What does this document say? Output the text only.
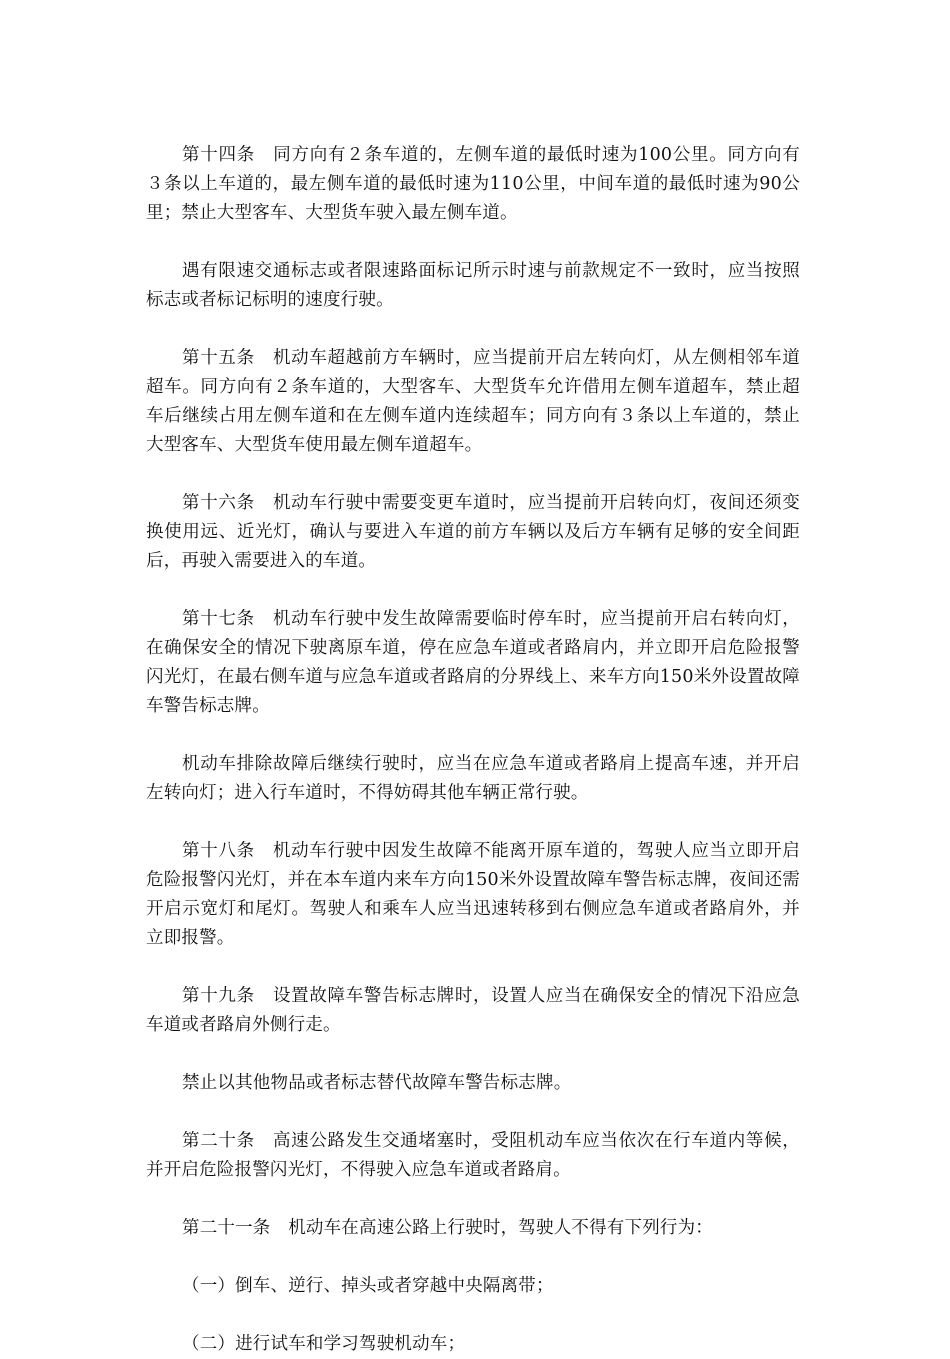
第十四条　同方向有２条车道的，左侧车道的最低时速为100公里。同方向有３条以上车道的，最左侧车道的最低时速为110公里，中间车道的最低时速为90公里；禁止大型客车、大型货车驶入最左侧车道。

遇有限速交通标志或者限速路面标记所示时速与前款规定不一致时，应当按照标志或者标记标明的速度行驶。

第十五条　机动车超越前方车辆时，应当提前开启左转向灯，从左侧相邻车道超车。同方向有２条车道的，大型客车、大型货车允许借用左侧车道超车，禁止超车后继续占用左侧车道和在左侧车道内连续超车；同方向有３条以上车道的，禁止大型客车、大型货车使用最左侧车道超车。

第十六条　机动车行驶中需要变更车道时，应当提前开启转向灯，夜间还须变换使用远、近光灯，确认与要进入车道的前方车辆以及后方车辆有足够的安全间距后，再驶入需要进入的车道。

第十七条　机动车行驶中发生故障需要临时停车时，应当提前开启右转向灯，在确保安全的情况下驶离原车道，停在应急车道或者路肩内，并立即开启危险报警闪光灯，在最右侧车道与应急车道或者路肩的分界线上、来车方向150米外设置故障车警告标志牌。

机动车排除故障后继续行驶时，应当在应急车道或者路肩上提高车速，并开启左转向灯；进入行车道时，不得妨碍其他车辆正常行驶。

第十八条　机动车行驶中因发生故障不能离开原车道的，驾驶人应当立即开启危险报警闪光灯，并在本车道内来车方向150米外设置故障车警告标志牌，夜间还需开启示宽灯和尾灯。驾驶人和乘车人应当迅速转移到右侧应急车道或者路肩外，并立即报警。

第十九条　设置故障车警告标志牌时，设置人应当在确保安全的情况下沿应急车道或者路肩外侧行走。

禁止以其他物品或者标志替代故障车警告标志牌。

第二十条　高速公路发生交通堵塞时，受阻机动车应当依次在行车道内等候，并开启危险报警闪光灯，不得驶入应急车道或者路肩。

第二十一条　机动车在高速公路上行驶时，驾驶人不得有下列行为：

（一）倒车、逆行、掉头或者穿越中央隔离带；

（二）进行试车和学习驾驶机动车；
